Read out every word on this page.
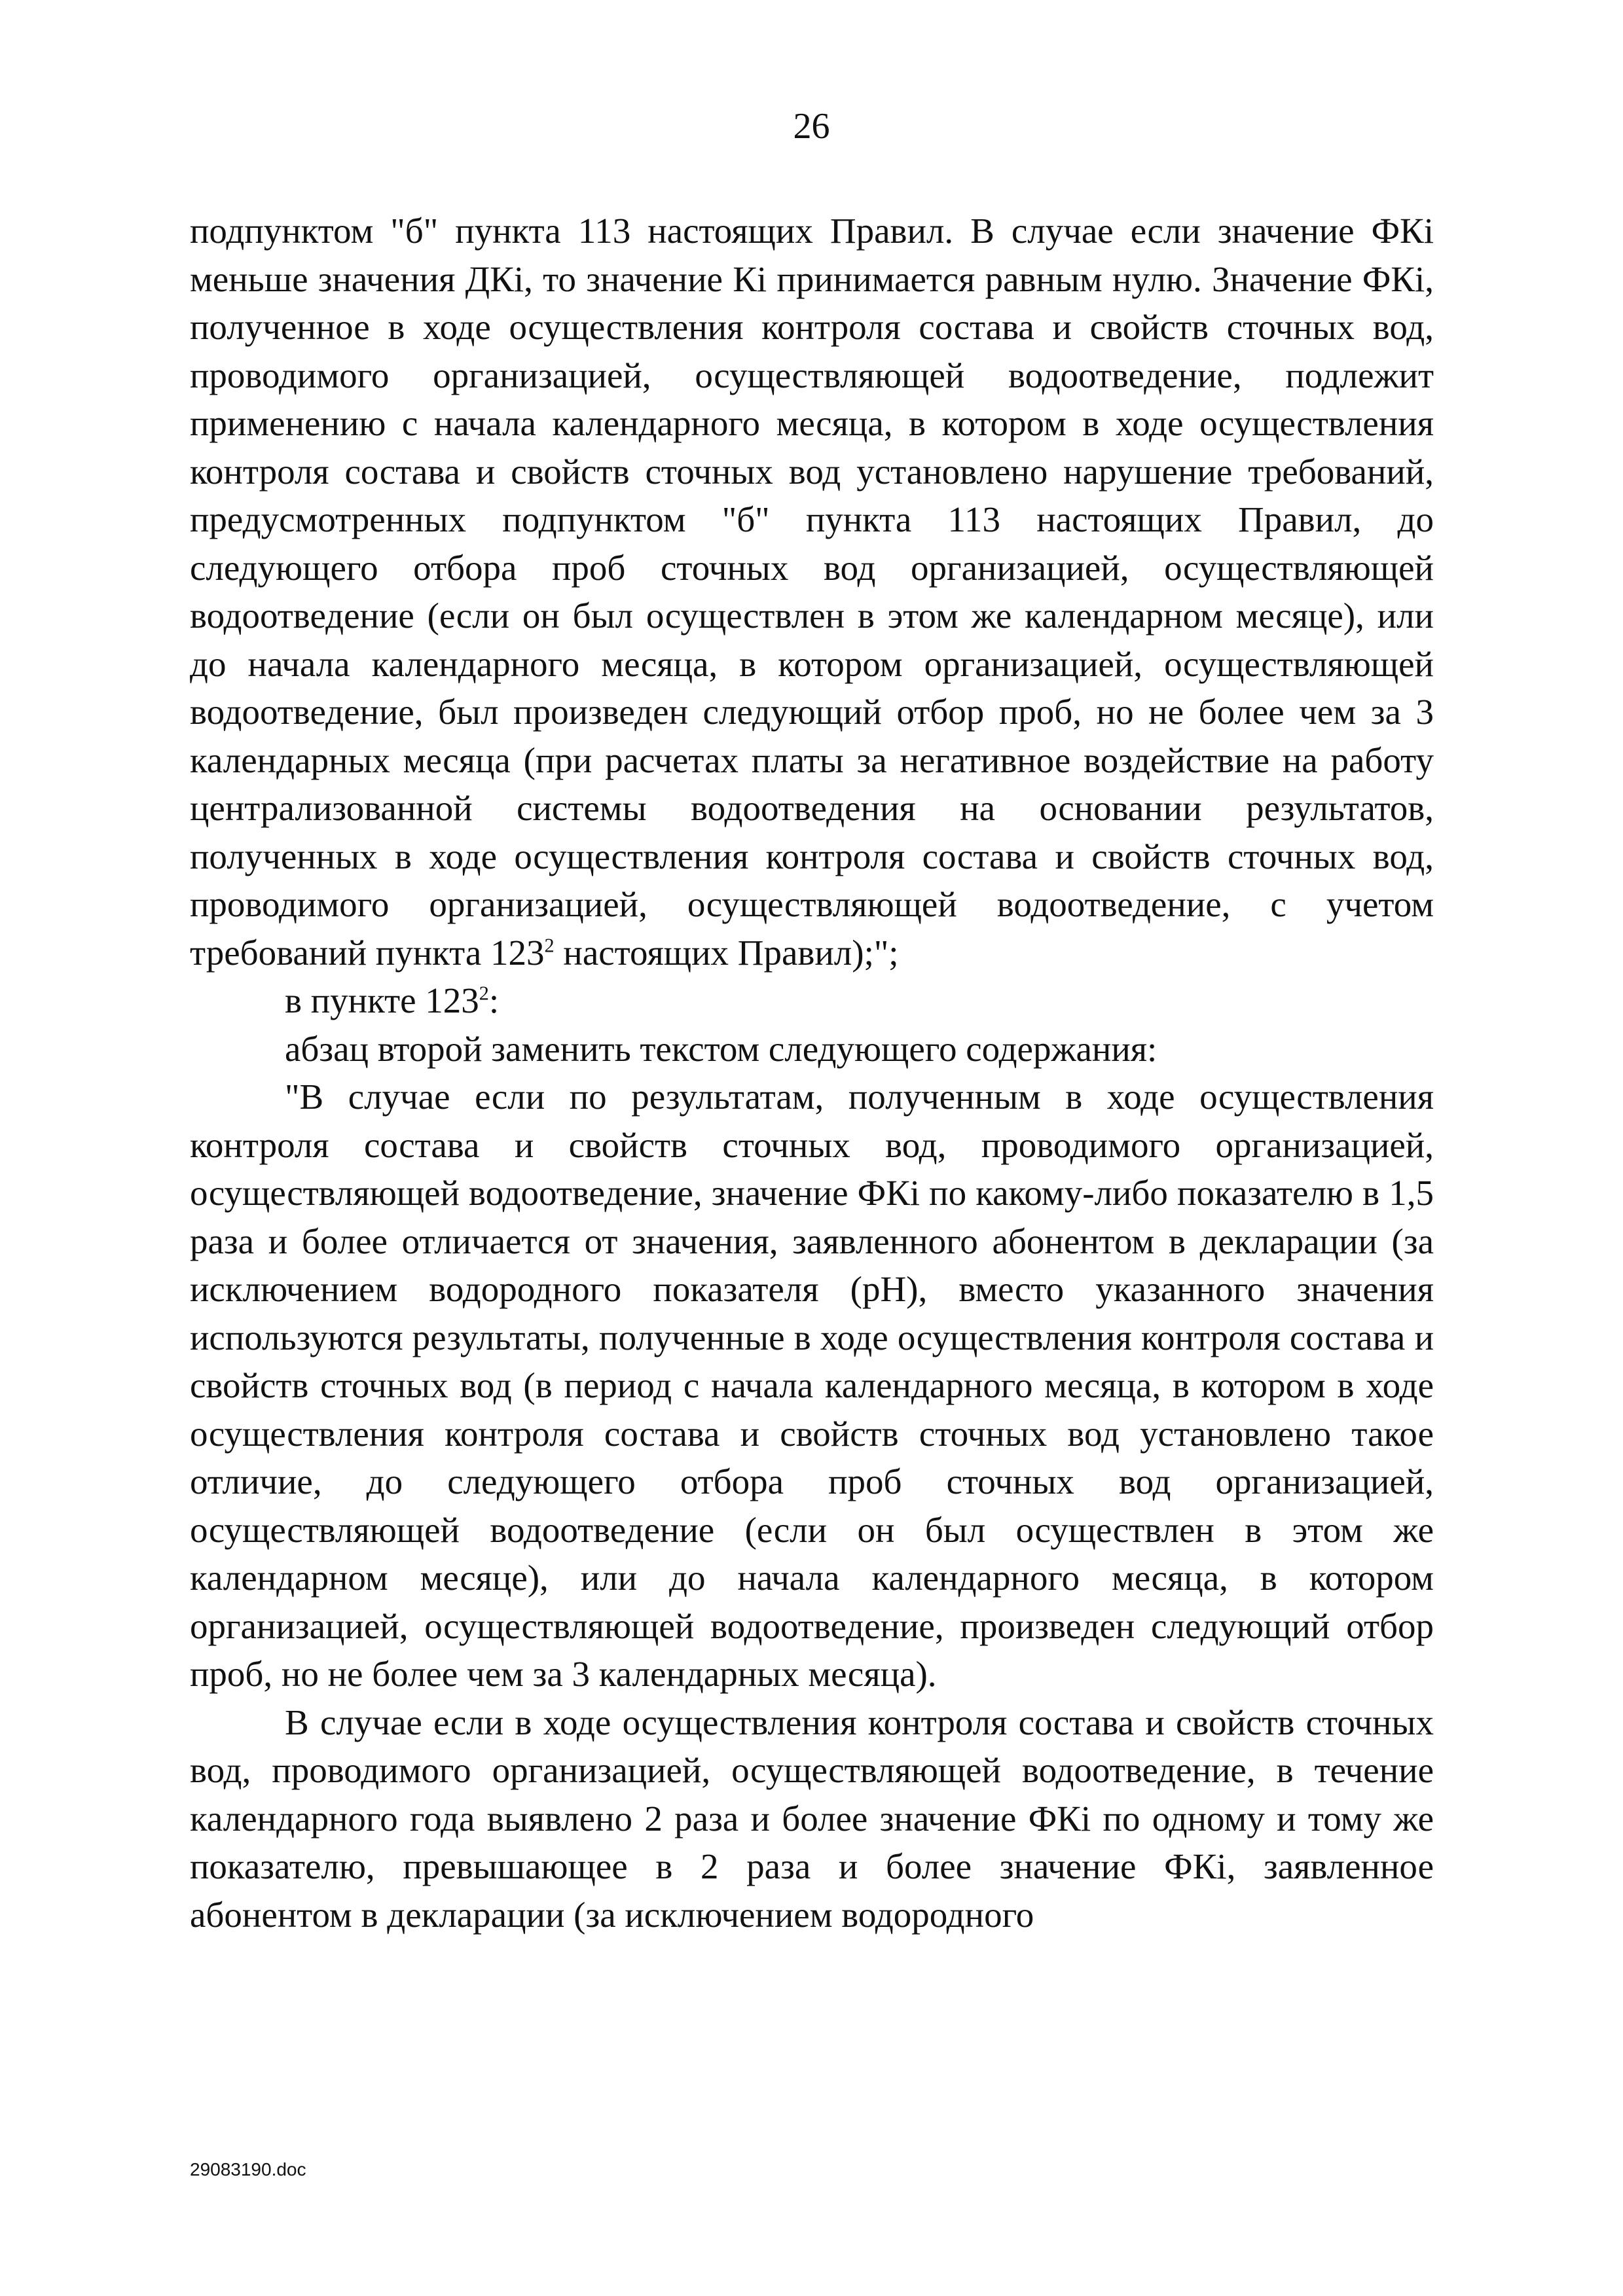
26

подпунктом "б" пункта 113 настоящих Правил. В случае если значение ФКi меньше значения ДКi, то значение Кi принимается равным нулю. Значение ФКi, полученное в ходе осуществления контроля состава и свойств сточных вод, проводимого организацией, осуществляющей водоотведение, подлежит применению с начала календарного месяца, в котором в ходе осуществления контроля состава и свойств сточных вод установлено нарушение требований, предусмотренных подпунктом "б" пункта 113 настоящих Правил, до следующего отбора проб сточных вод организацией, осуществляющей водоотведение (если он был осуществлен в этом же календарном месяце), или до начала календарного месяца, в котором организацией, осуществляющей водоотведение, был произведен следующий отбор проб, но не более чем за 3 календарных месяца (при расчетах платы за негативное воздействие на работу централизованной системы водоотведения на основании результатов, полученных в ходе осуществления контроля состава и свойств сточных вод, проводимого организацией, осуществляющей водоотведение, с учетом требований пункта $123^2$ настоящих Правил);";

в пункте $123^2$:

абзац второй заменить текстом следующего содержания:

"В случае если по результатам, полученным в ходе осуществления контроля состава и свойств сточных вод, проводимого организацией, осуществляющей водоотведение, значение ФКi по какому-либо показателю в 1,5 раза и более отличается от значения, заявленного абонентом в декларации (за исключением водородного показателя (pH), вместо указанного значения используются результаты, полученные в ходе осуществления контроля состава и свойств сточных вод (в период с начала календарного месяца, в котором в ходе осуществления контроля состава и свойств сточных вод установлено такое отличие, до следующего отбора проб сточных вод организацией, осуществляющей водоотведение (если он был осуществлен в этом же календарном месяце), или до начала календарного месяца, в котором организацией, осуществляющей водоотведение, произведен следующий отбор проб, но не более чем за 3 календарных месяца).

В случае если в ходе осуществления контроля состава и свойств сточных вод, проводимого организацией, осуществляющей водоотведение, в течение календарного года выявлено 2 раза и более значение ФКi по одному и тому же показателю, превышающее в 2 раза и более значение ФКi, заявленное абонентом в декларации (за исключением водородного

29083190.doc
